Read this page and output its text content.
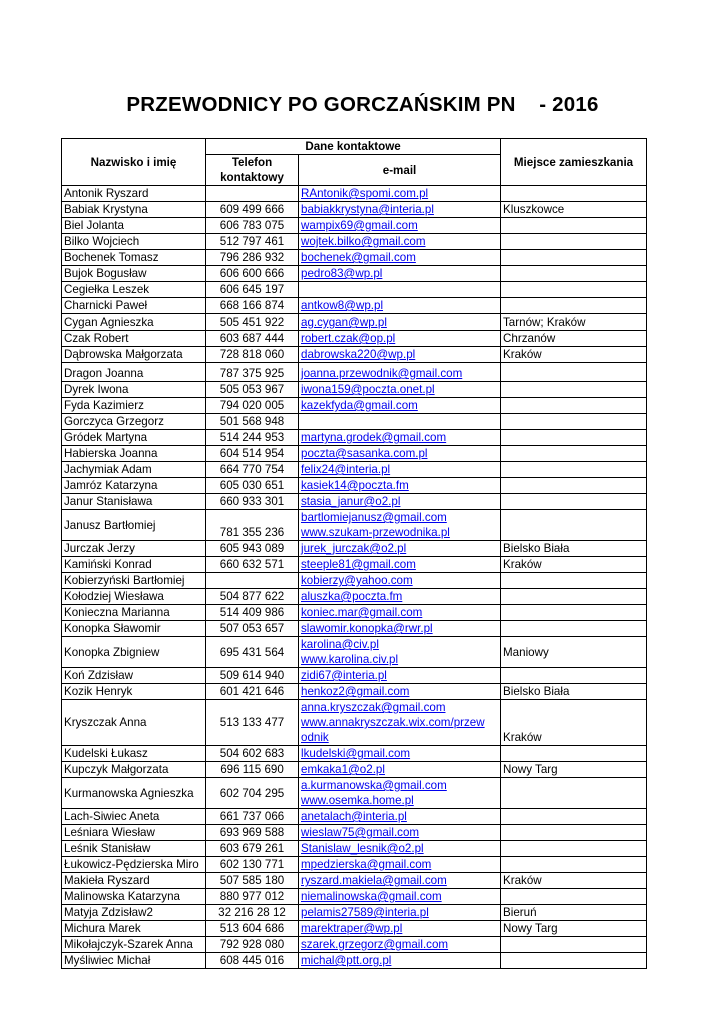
PRZEWODNICY PO GORCZAŃSKIM PN    - 2016
Nazwisko i imię	Dane kontaktowe		Miejsce zamieszkania

	Telefon
kontaktowy	e-mail	

Antonik Ryszard		RAntonik@spomi.com.pl	

Babiak Krystyna	609 499 666	babiakkrystyna@interia.pl	Kluszkowce
Biel Jolanta	606 783 075	wampix69@gmail.com	

Bilko Wojciech	512 797 461	wojtek.bilko@gmail.com	

Bochenek Tomasz	796 286 932	bochenek@gmail.com	

Bujok Bogusław	606 600 666	pedro83@wp.pl	

Cegiełka Leszek	606 645 197	

Charnicki Paweł	668 166 874	antkow8@wp.pl	

Cygan Agnieszka	505 451 922	ag.cygan@wp.pl	Tarnów; Kraków
Czak Robert	603 687 444	robert.czak@op.pl	Chrzanów
Dąbrowska Małgorzata	728 818 060	dabrowska220@wp.pl	Kraków
Dragon Joanna	787 375 925	joanna.przewodnik@gmail.com	

Dyrek Iwona	505 053 967	iwona159@poczta.onet.pl	

Fyda Kazimierz	794 020 005	kazekfyda@gmail.com	

Gorczyca Grzegorz	501 568 948	

Gródek Martyna	514 244 953	martyna.grodek@gmail.com	

Habierska Joanna	604 514 954	poczta@sasanka.com.pl	

Jachymiak Adam	664 770 754	felix24@interia.pl	

Jamróz Katarzyna	605 030 651	kasiek14@poczta.fm	

Janur Stanisława	660 933 301	stasia_janur@o2.pl	

Janusz Bartłomiej	781 355 236	bartlomiejanusz@gmail.com
www.szukam-przewodnika.pl	

Jurczak Jerzy	605 943 089	jurek_jurczak@o2.pl	Bielsko Biała
Kamiński Konrad	660 632 571	steeple81@gmail.com	Kraków
Kobierzyński Bartłomiej		kobierzy@yahoo.com	

Kołodziej Wiesława	504 877 622	aluszka@poczta.fm	

Konieczna Marianna	514 409 986	koniec.mar@gmail.com	

Konopka Sławomir	507 053 657	slawomir.konopka@rwr.pl	

Konopka Zbigniew	695 431 564	karolina@civ.pl
www.karolina.civ.pl	Maniowy
Koń Zdzisław	509 614 940	zidi67@interia.pl	

Kozik Henryk	601 421 646	henkoz2@gmail.com	Bielsko Biała
Kryszczak Anna	513 133 477	anna.kryszczak@gmail.com
www.annakryszczak.wix.com/przew
odnik	Kraków
Kudelski Łukasz	504 602 683	lkudelski@gmail.com	

Kupczyk Małgorzata	696 115 690	emkaka1@o2.pl	Nowy Targ
Kurmanowska Agnieszka	602 704 295	a.kurmanowska@gmail.com
www.osemka.home.pl	

Lach-Siwiec Aneta	661 737 066	anetalach@interia.pl	

Leśniara Wiesław	693 969 588	wieslaw75@gmail.com	

Leśnik Stanisław	603 679 261	Stanislaw_lesnik@o2.pl	

Łukowicz-Pędzierska Miro	602 130 771	mpedzierska@gmail.com	

Makieła Ryszard	507 585 180	ryszard.makiela@gmail.com	Kraków
Malinowska Katarzyna	880 977 012	niemalinowska@gmail.com	

Matyja Zdzisław2	32 216 28 12	pelamis27589@interia.pl	Bieruń
Michura Marek	513 604 686	marektraper@wp.pl	Nowy Targ
Mikołajczyk-Szarek Anna	792 928 080	szarek.grzegorz@gmail.com	

Myśliwiec Michał	608 445 016	michal@ptt.org.pl	
